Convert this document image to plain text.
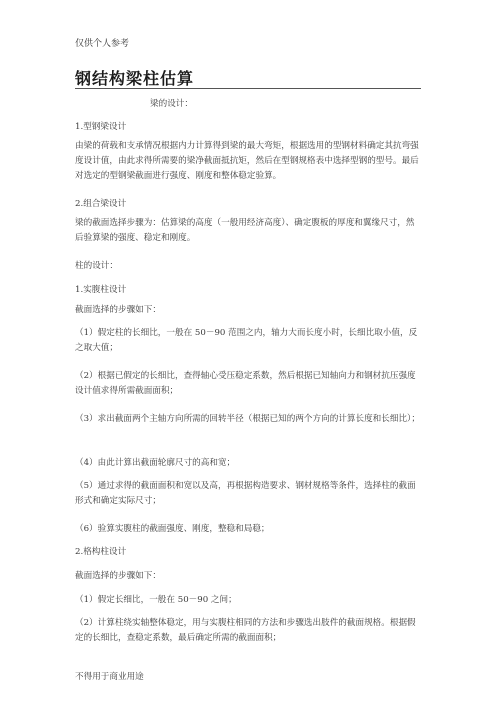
仅供个人参考
钢结构梁柱估算
梁的设计：

1.型钢梁设计

由梁的荷载和支承情况根据内力计算得到梁的最大弯矩，根据选用的型钢材料确定其抗弯强度设计值，由此求得所需要的梁净截面抵抗矩，然后在型钢规格表中选择型钢的型号。最后对选定的型钢梁截面进行强度、刚度和整体稳定验算。

2.组合梁设计

梁的截面选择步骤为：估算梁的高度（一般用经济高度）、确定腹板的厚度和翼缘尺寸，然后验算梁的强度、稳定和刚度。

柱的设计：

1.实腹柱设计

截面选择的步骤如下：

（1）假定柱的长细比，一般在 50－90 范围之内，轴力大而长度小时，长细比取小值，反之取大值；

（2）根据已假定的长细比，查得轴心受压稳定系数，然后根据已知轴向力和钢材抗压强度设计值求得所需截面面积；

（3）求出截面两个主轴方向所需的回转半径（根据已知的两个方向的计算长度和长细比）；

（4）由此计算出截面轮廓尺寸的高和宽；

（5）通过求得的截面面积和宽以及高，再根据构造要求、钢材规格等条件，选择柱的截面形式和确定实际尺寸；

（6）验算实腹柱的截面强度、刚度，整稳和局稳；

2.格构柱设计

截面选择的步骤如下：

（1）假定长细比，一般在 50－90 之间；

（2）计算柱绕实轴整体稳定，用与实腹柱相同的方法和步骤选出肢件的截面规格。根据假定的长细比，查稳定系数，最后确定所需的截面面积；

不得用于商业用途
